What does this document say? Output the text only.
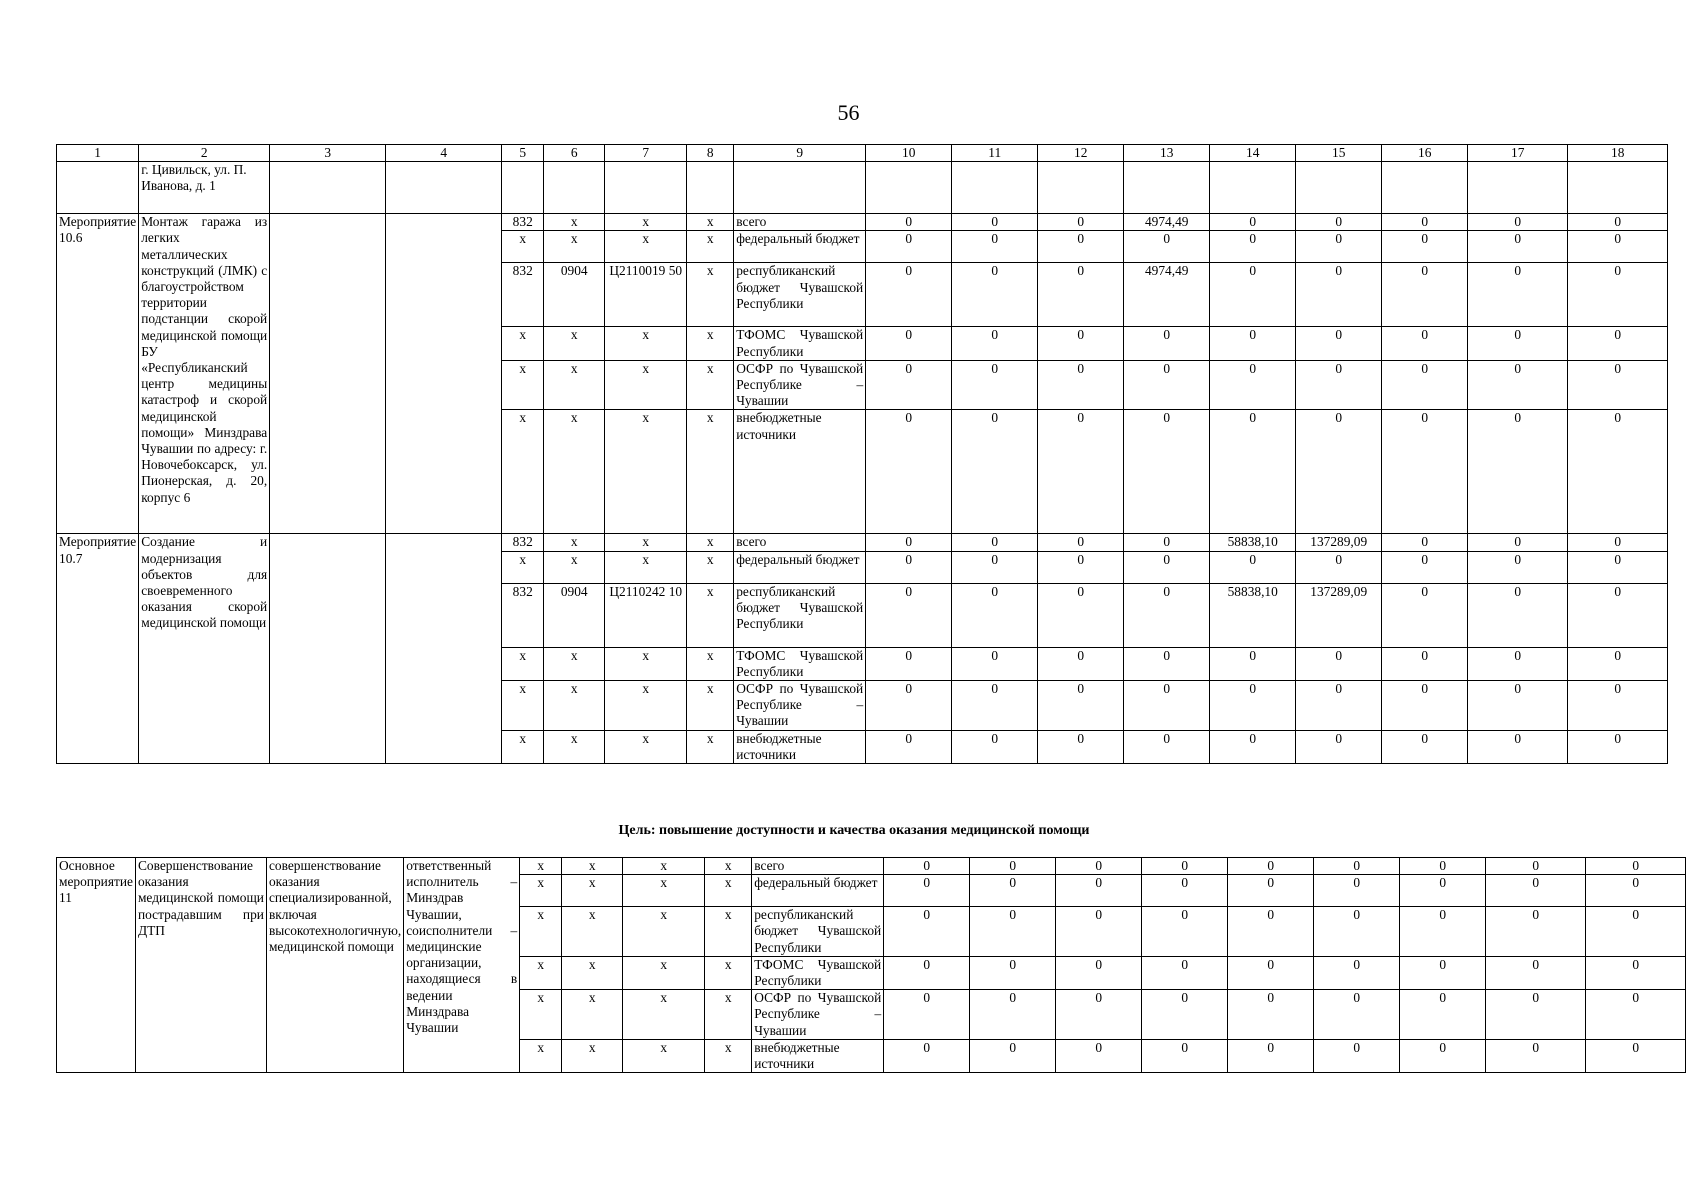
56
1	2	3	4	5	6	7	8	9	10	11	12	13	14	15	16	17	18
	г. Цивильск, ул. П. Иванова, д. 1																
Мероприятие 10.6	Монтаж гаража из легких металлических конструкций (ЛМК) с благоустройством территории подстанции скорой медицинской помощи БУ «Республиканский центр медицины катастроф и скорой медицинской помощи» Минздрава Чувашии по адресу: г. Новочебоксарск, ул. Пионерская, д. 20, корпус 6			832	x	x	x	всего	0	0	0	4974,49	0	0	0	0	0
				x	x	x	x	федеральный бюджет	0	0	0	0	0	0	0	0	0
				832	0904	Ц2110019 50	x	республиканский бюджет Чувашской Республики	0	0	0	4974,49	0	0	0	0	0
				x	x	x	x	ТФОМС Чувашской Республики	0	0	0	0	0	0	0	0	0
				x	x	x	x	ОСФР по Чувашской Республике – Чувашии	0	0	0	0	0	0	0	0	0
				x	x	x	x	внебюджетные источники	0	0	0	0	0	0	0	0	0
Мероприятие 10.7	Создание и модернизация объектов для своевременного оказания скорой медицинской помощи			832	x	x	x	всего	0	0	0	0	58838,10	137289,09	0	0	0
				x	x	x	x	федеральный бюджет	0	0	0	0	0	0	0	0	0
				832	0904	Ц2110242 10	x	республиканский бюджет Чувашской Республики	0	0	0	0	58838,10	137289,09	0	0	0
				x	x	x	x	ТФОМС Чувашской Республики	0	0	0	0	0	0	0	0	0
				x	x	x	x	ОСФР по Чувашской Республике – Чувашии	0	0	0	0	0	0	0	0	0
				x	x	x	x	внебюджетные источники	0	0	0	0	0	0	0	0	0
Цель: повышение доступности и качества оказания медицинской помощи
Основное мероприятие 11	Совершенствование оказания медицинской помощи пострадавшим при ДТП	совершенствование оказания специализированной, включая высокотехнологичную, медицинской помощи	ответственный исполнитель – Минздрав Чувашии, соисполнители – медицинские организации, находящиеся в ведении Минздрава Чувашии	x	x	x	x	всего	0	0	0	0	0	0	0	0	0
				x	x	x	x	федеральный бюджет	0	0	0	0	0	0	0	0	0
				x	x	x	x	республиканский бюджет Чувашской Республики	0	0	0	0	0	0	0	0	0
				x	x	x	x	ТФОМС Чувашской Республики	0	0	0	0	0	0	0	0	0
				x	x	x	x	ОСФР по Чувашской Республике – Чувашии	0	0	0	0	0	0	0	0	0
				x	x	x	x	внебюджетные источники	0	0	0	0	0	0	0	0	0
